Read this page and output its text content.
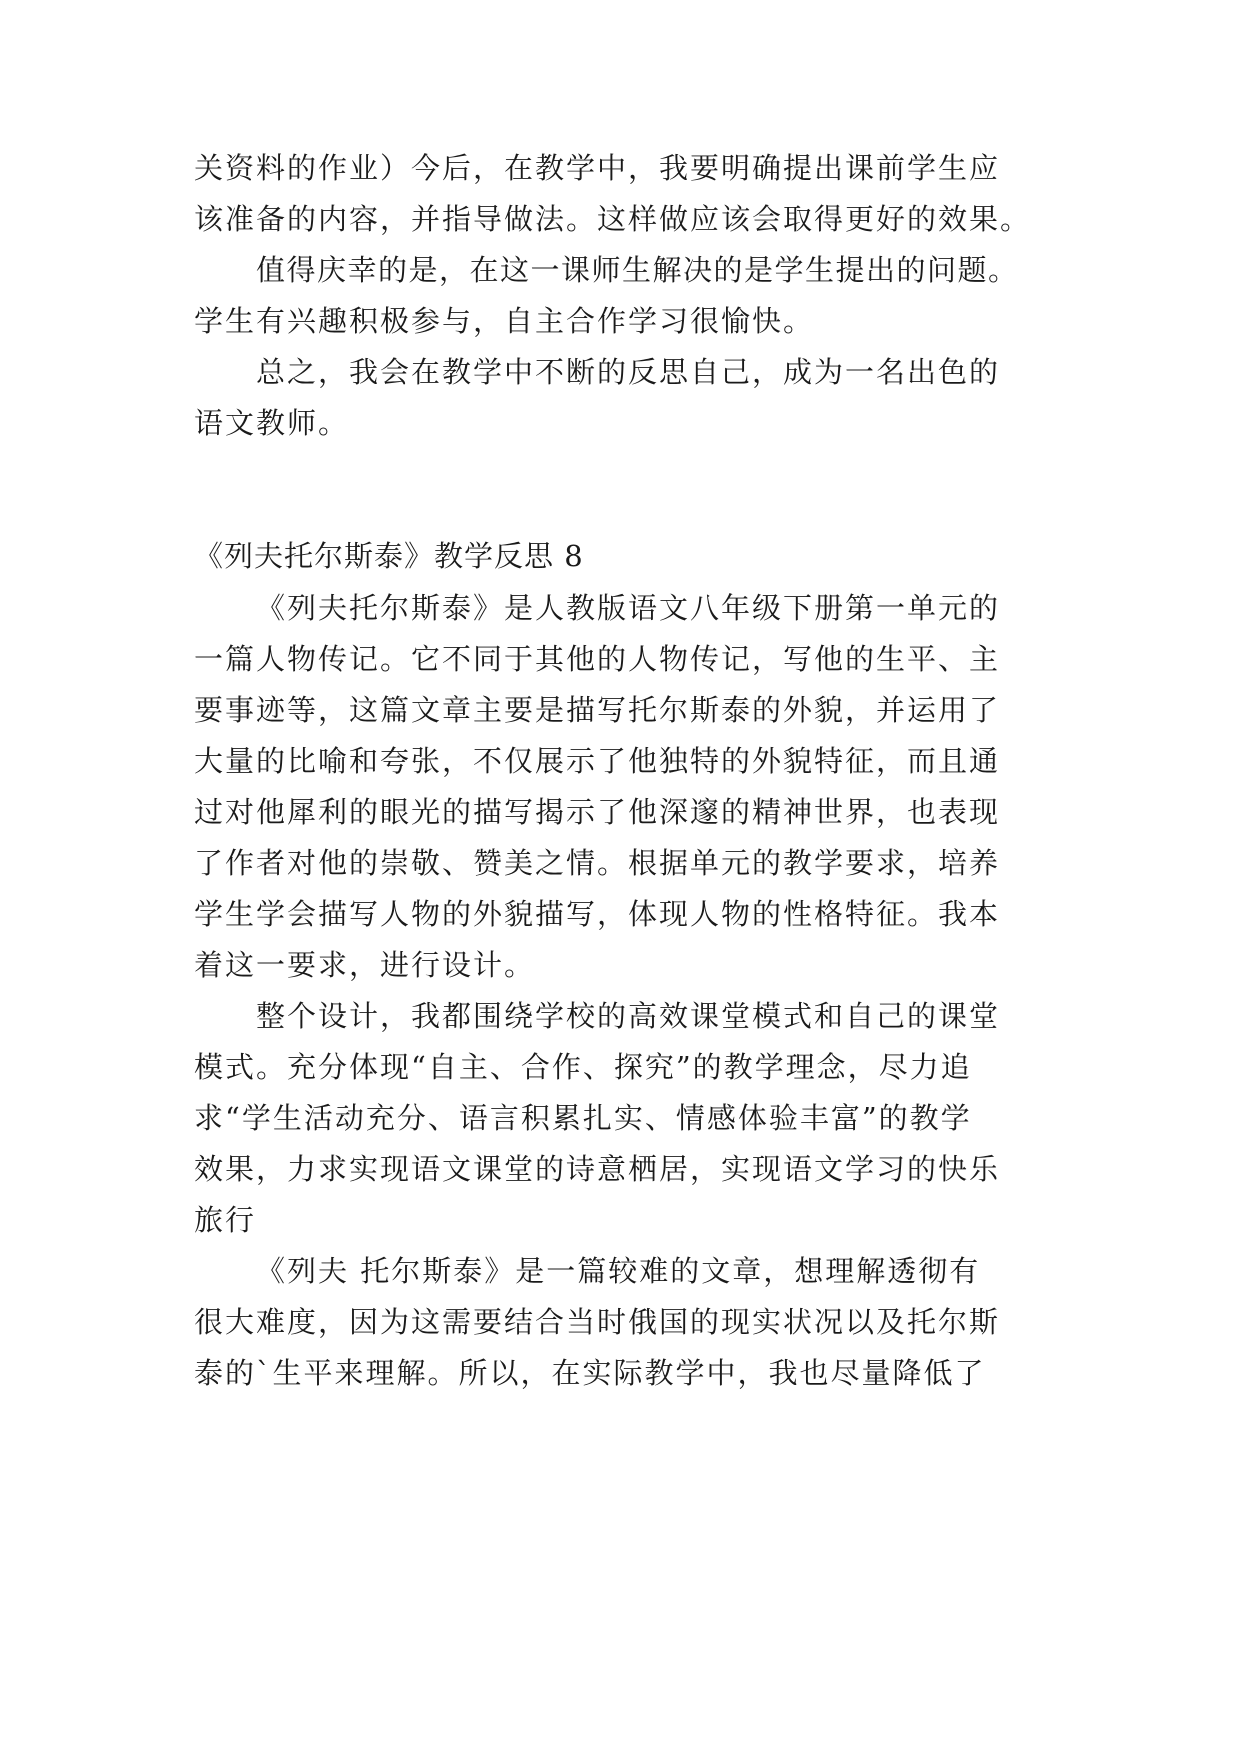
关资料的作业）今后，在教学中，我要明确提出课前学生应
该准备的内容，并指导做法。这样做应该会取得更好的效果。
值得庆幸的是，在这一课师生解决的是学生提出的问题。
学生有兴趣积极参与，自主合作学习很愉快。
总之，我会在教学中不断的反思自己，成为一名出色的
语文教师。
《列夫托尔斯泰》教学反思 8
《列夫托尔斯泰》是人教版语文八年级下册第一单元的
一篇人物传记。它不同于其他的人物传记，写他的生平、主
要事迹等，这篇文章主要是描写托尔斯泰的外貌，并运用了
大量的比喻和夸张，不仅展示了他独特的外貌特征，而且通
过对他犀利的眼光的描写揭示了他深邃的精神世界，也表现
了作者对他的崇敬、赞美之情。根据单元的教学要求，培养
学生学会描写人物的外貌描写，体现人物的性格特征。我本
着这一要求，进行设计。
整个设计，我都围绕学校的高效课堂模式和自己的课堂
模式。充分体现“自主、合作、探究”的教学理念，尽力追
求“学生活动充分、语言积累扎实、情感体验丰富”的教学
效果，力求实现语文课堂的诗意栖居，实现语文学习的快乐
旅行
《列夫 托尔斯泰》是一篇较难的文章，想理解透彻有
很大难度，因为这需要结合当时俄国的现实状况以及托尔斯
泰的`生平来理解。所以，在实际教学中，我也尽量降低了
